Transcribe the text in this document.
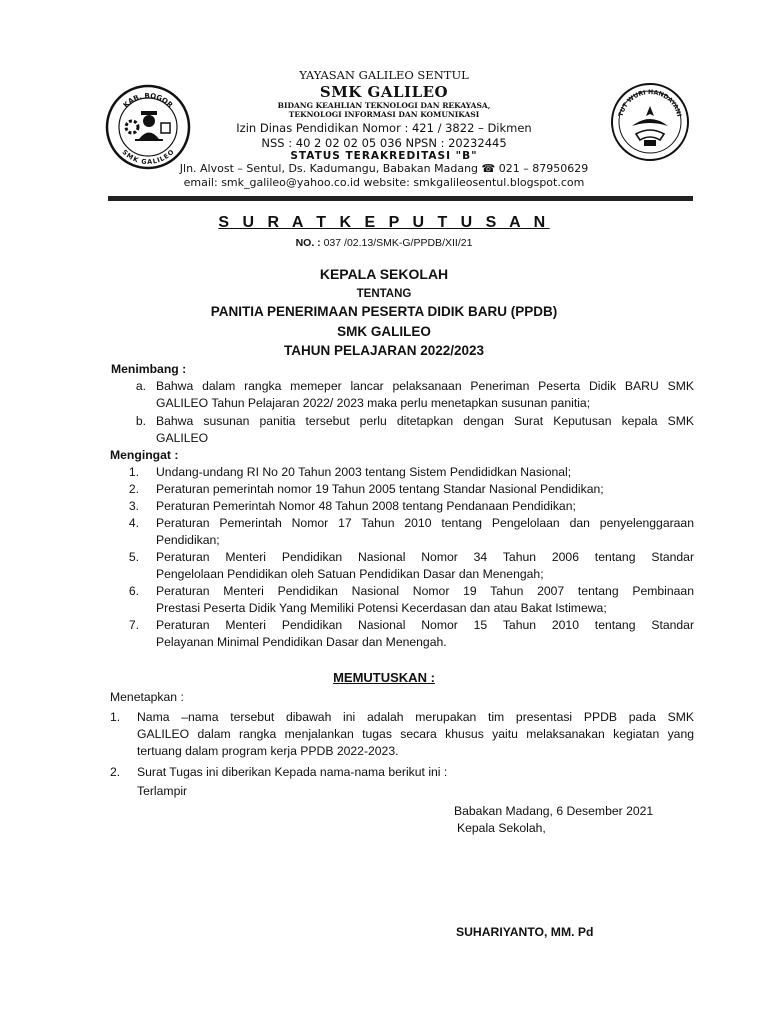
KAB. BOGOR
SMK GALILEO
TUT WURI HANDAYANI
YAYASAN GALILEO SENTUL
SMK GALILEO
BIDANG KEAHLIAN TEKNOLOGI DAN REKAYASA,
TEKNOLOGI INFORMASI DAN KOMUNIKASI
Izin Dinas Pendidikan Nomor : 421 / 3822 – Dikmen
NSS : 40 2 02 02 05 036 NPSN : 20232445
STATUS TERAKREDITASI "B"
Jln. Alvost – Sentul, Ds. Kadumangu, Babakan Madang ☎ 021 – 87950629
email: smk_galileo@yahoo.co.id website: smkgalileosentul.blogspot.com
S U R A T K E P U T U S A N
NO. : 037 /02.13/SMK-G/PPDB/XII/21
KEPALA SEKOLAH
TENTANG
PANITIA PENERIMAAN PESERTA DIDIK BARU (PPDB)
SMK GALILEO
TAHUN PELAJARAN 2022/2023
Menimbang :
a. Bahwa dalam rangka memeper lancar pelaksanaan Peneriman Peserta Didik BARU SMK
GALILEO Tahun Pelajaran 2022/ 2023 maka perlu menetapkan susunan panitia;
b. Bahwa susunan panitia tersebut perlu ditetapkan dengan Surat Keputusan kepala SMK
GALILEO
Mengingat :
1. Undang-undang RI No 20 Tahun 2003 tentang Sistem Pendididkan Nasional;
2. Peraturan pemerintah nomor 19 Tahun 2005 tentang Standar Nasional Pendidikan;
3. Peraturan Pemerintah Nomor 48 Tahun 2008 tentang Pendanaan Pendidikan;
4. Peraturan Pemerintah Nomor 17 Tahun 2010 tentang Pengelolaan dan penyelenggaraan
Pendidikan;
5. Peraturan Menteri Pendidikan Nasional Nomor 34 Tahun 2006 tentang Standar
Pengelolaan Pendidikan oleh Satuan Pendidikan Dasar dan Menengah;
6. Peraturan Menteri Pendidikan Nasional Nomor 19 Tahun 2007 tentang Pembinaan
Prestasi Peserta Didik Yang Memiliki Potensi Kecerdasan dan atau Bakat Istimewa;
7. Peraturan Menteri Pendidikan Nasional Nomor 15 Tahun 2010 tentang Standar
Pelayanan Minimal Pendidikan Dasar dan Menengah.
MEMUTUSKAN :
Menetapkan :
1. Nama –nama tersebut dibawah ini adalah merupakan tim presentasi PPDB pada SMK
GALILEO dalam rangka menjalankan tugas secara khusus yaitu melaksanakan kegiatan yang
tertuang dalam program kerja PPDB 2022-2023.
2. Surat Tugas ini diberikan Kepada nama-nama berikut ini :
Terlampir
Babakan Madang, 6 Desember 2021
Kepala Sekolah,
SUHARIYANTO, MM. Pd
